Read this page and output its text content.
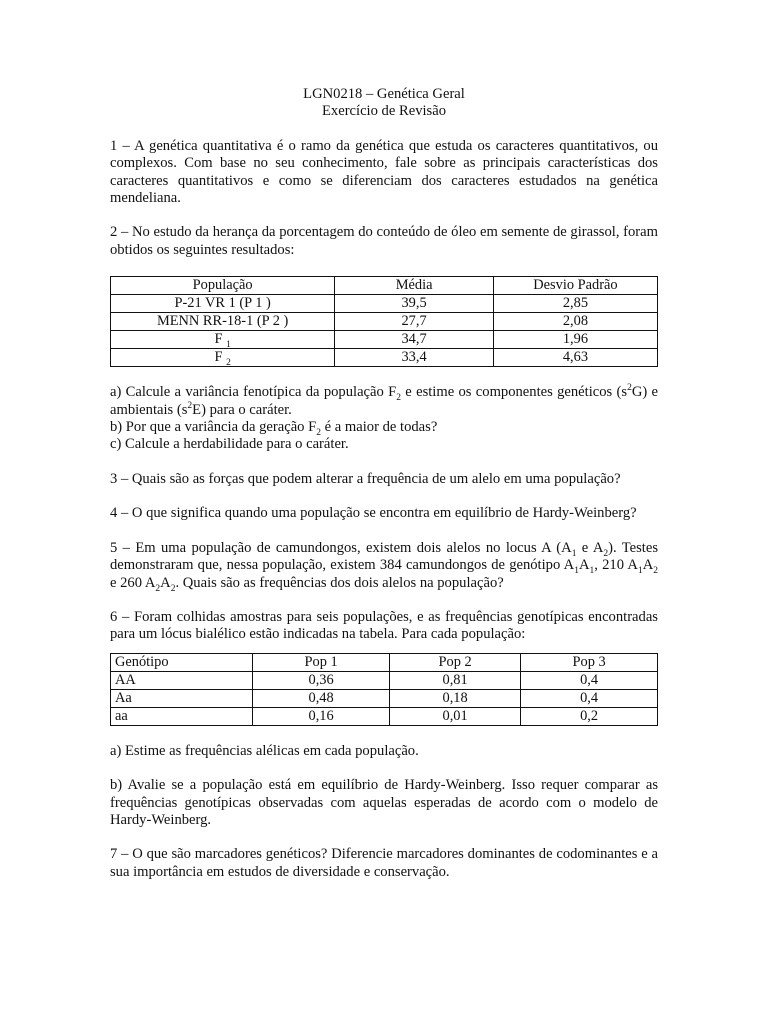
LGN0218 – Genética Geral
Exercício de Revisão

1 – A genética quantitativa é o ramo da genética que estuda os caracteres quantitativos, ou complexos. Com base no seu conhecimento, fale sobre as principais características dos caracteres quantitativos e como se diferenciam dos caracteres estudados na genética mendeliana.

2 – No estudo da herança da porcentagem do conteúdo de óleo em semente de girassol, foram obtidos os seguintes resultados:

População	Média	Desvio Padrão
P-21 VR 1 (P 1 )	39,5	2,85
MENN RR-18-1 (P 2 )	27,7	2,08
F $_1$	34,7	1,96
F $_2$	33,4	4,63

a) Calcule a variância fenotípica da população $F_2$ e estime os componentes genéticos $(s^2G)$ e ambientais $(s^2E)$ para o caráter.

b) Por que a variância da geração $F_2$ é a maior de todas?

c) Calcule a herdabilidade para o caráter.

3 – Quais são as forças que podem alterar a frequência de um alelo em uma população?

4 – O que significa quando uma população se encontra em equilíbrio de Hardy-Weinberg?

5 – Em uma população de camundongos, existem dois alelos no locus A ($A_1$ e $A_2$). Testes demonstraram que, nessa população, existem 384 camundongos de genótipo $A_1A_1$, 210 $A_1A_2$ e 260 $A_2A_2$. Quais são as frequências dos dois alelos na população?

6 – Foram colhidas amostras para seis populações, e as frequências genotípicas encontradas para um lócus bialélico estão indicadas na tabela. Para cada população:

Genótipo	Pop 1	Pop 2	Pop 3
AA	0,36	0,81	0,4
Aa	0,48	0,18	0,4
aa	0,16	0,01	0,2

a) Estime as frequências alélicas em cada população.

b) Avalie se a população está em equilíbrio de Hardy-Weinberg. Isso requer comparar as frequências genotípicas observadas com aquelas esperadas de acordo com o modelo de Hardy-Weinberg.

7 – O que são marcadores genéticos? Diferencie marcadores dominantes de codominantes e a sua importância em estudos de diversidade e conservação.
